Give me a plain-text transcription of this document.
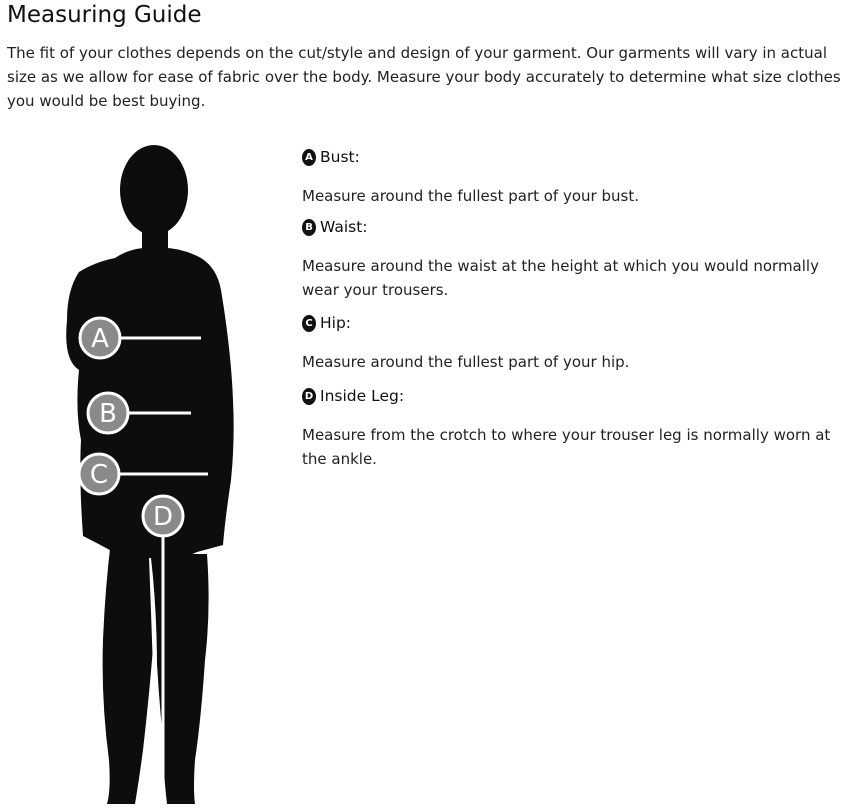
Measuring Guide

The fit of your clothes depends on the cut/style and design of your garment. Our garments will vary in actual size as we allow for ease of fabric over the body. Measure your body accurately to determine what size clothes you would be best buying.

A
B
C
D
A Bust:

Measure around the fullest part of your bust.

B Waist:

Measure around the waist at the height at which you would normally wear your trousers.

C Hip:

Measure around the fullest part of your hip.

D Inside Leg:

Measure from the crotch to where your trouser leg is normally worn at the ankle.
